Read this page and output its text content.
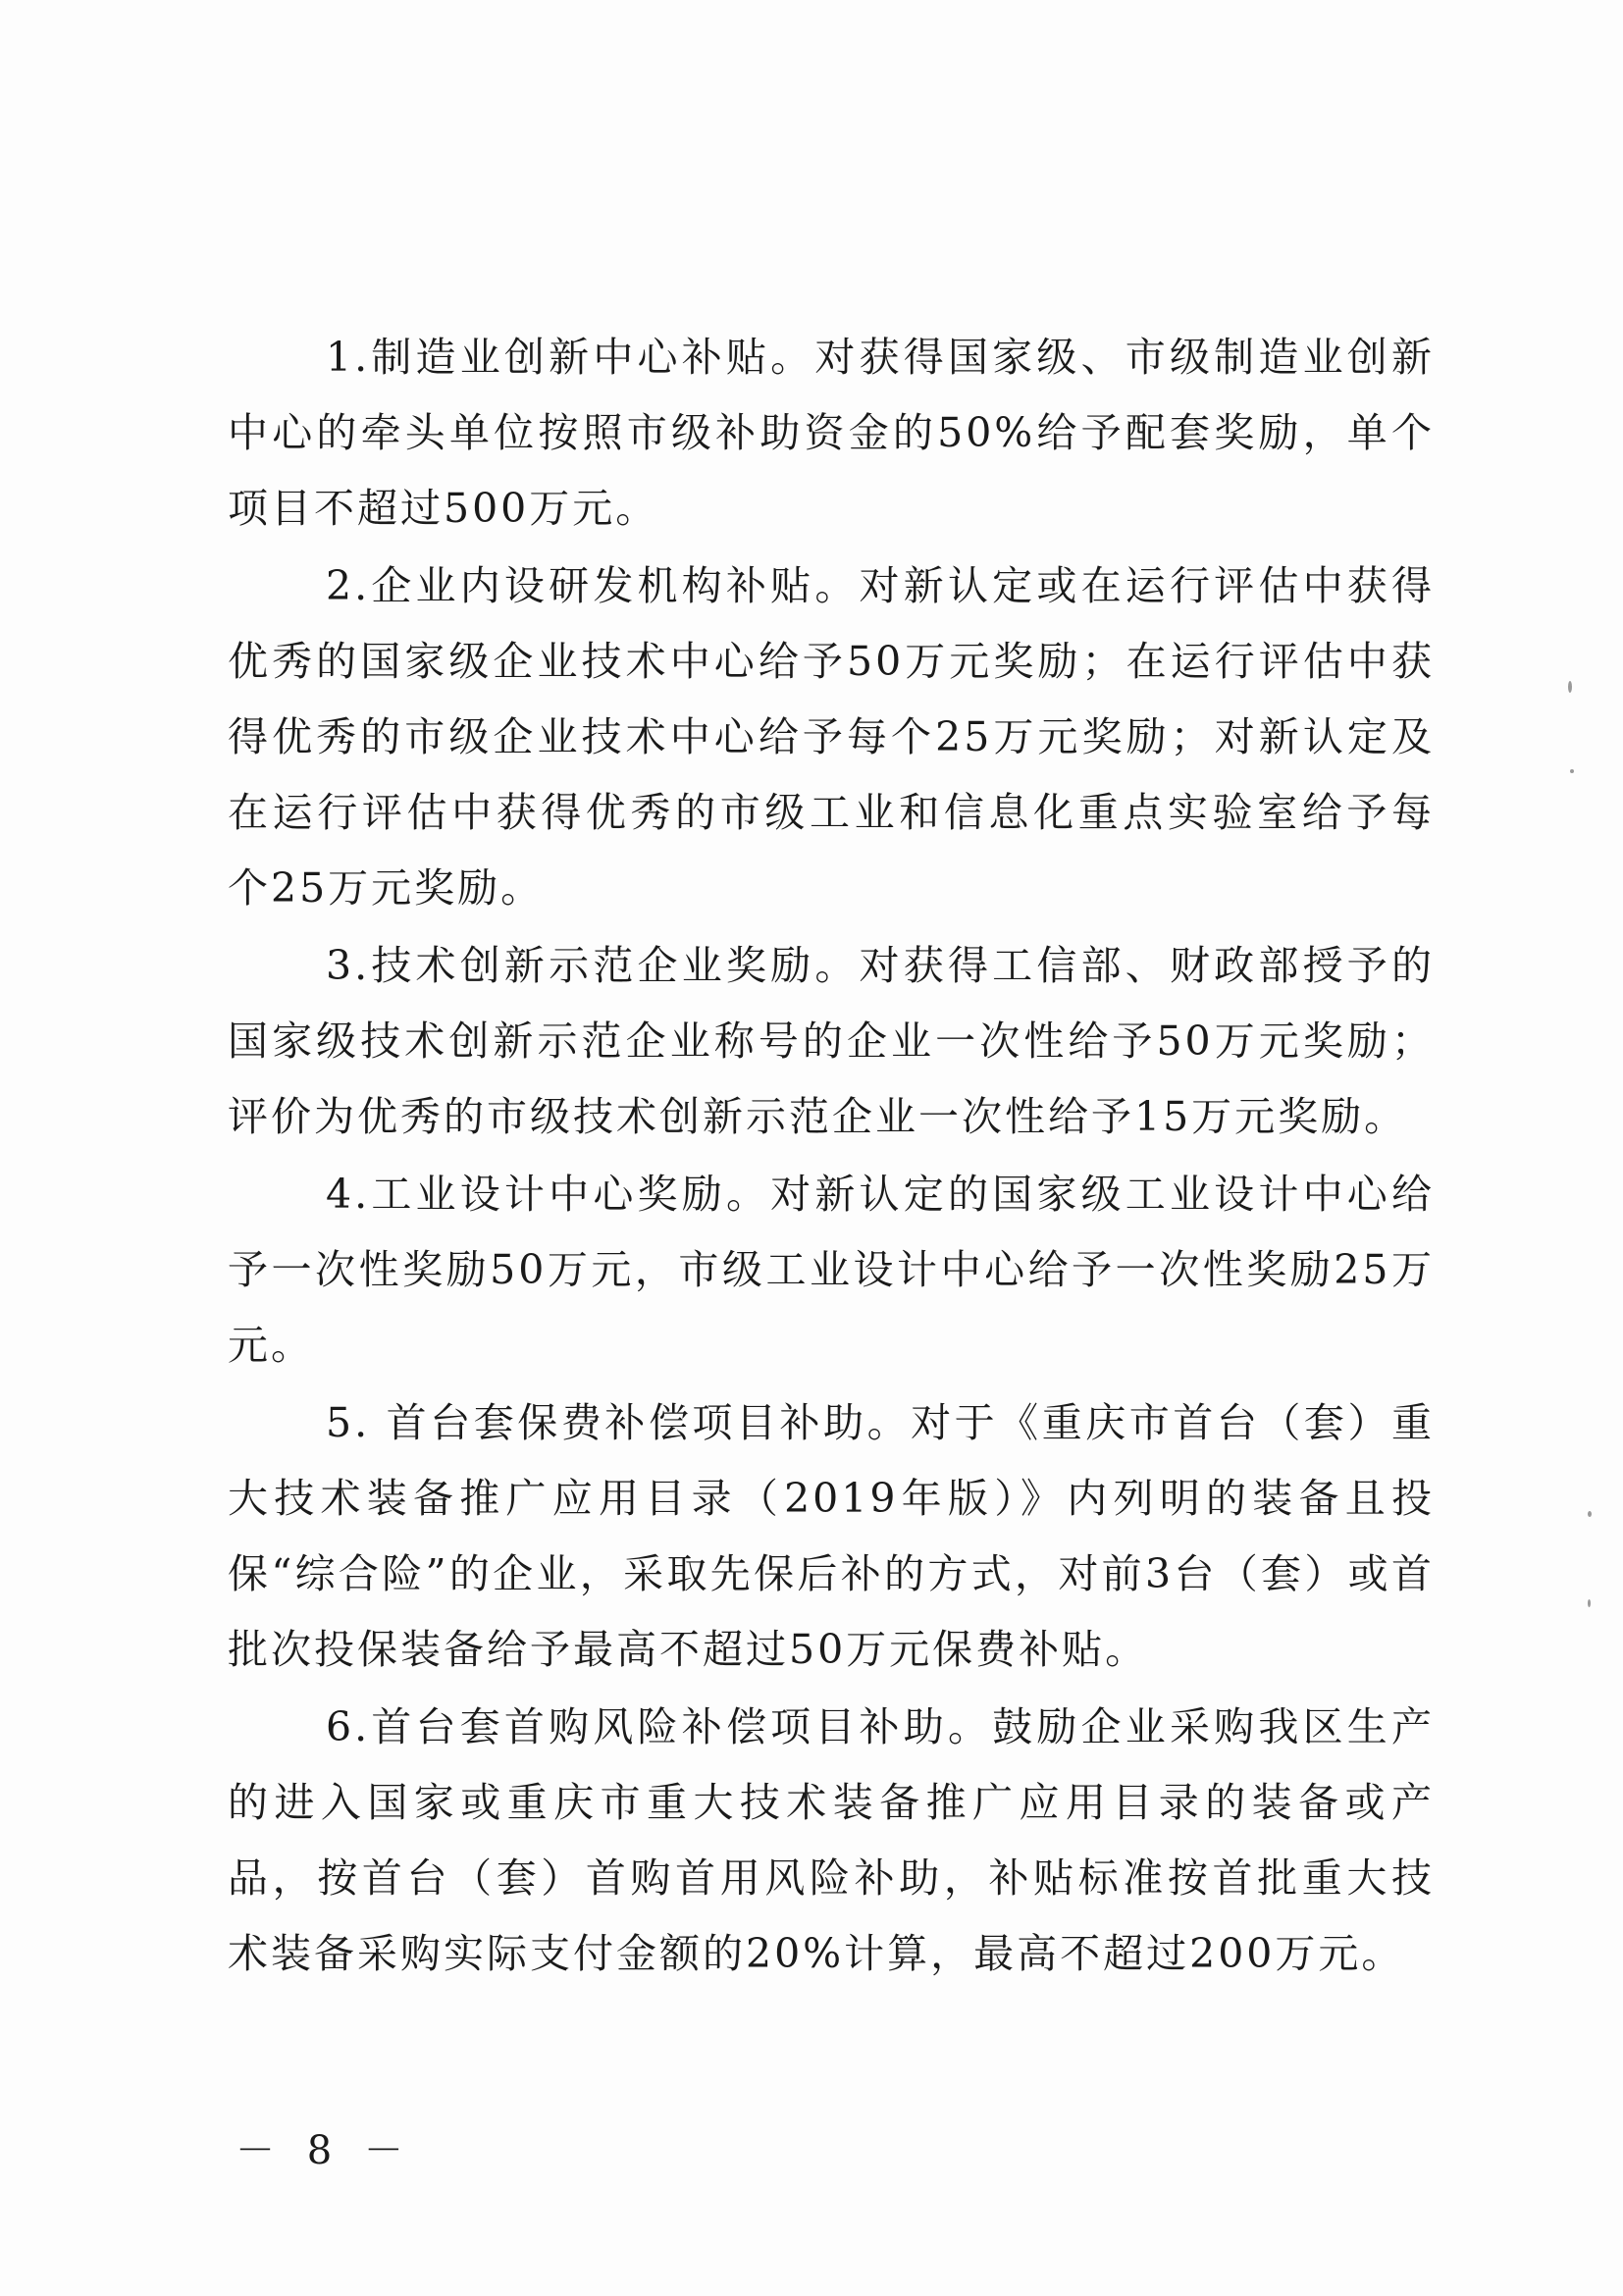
1.制造业创新中心补贴。对获得国家级、市级制造业创新中心的牵头单位按照市级补助资金的50%给予配套奖励，单个项目不超过500万元。

2.企业内设研发机构补贴。对新认定或在运行评估中获得优秀的国家级企业技术中心给予50万元奖励；在运行评估中获得优秀的市级企业技术中心给予每个25万元奖励；对新认定及在运行评估中获得优秀的市级工业和信息化重点实验室给予每个25万元奖励。

3.技术创新示范企业奖励。对获得工信部、财政部授予的国家级技术创新示范企业称号的企业一次性给予50万元奖励；评价为优秀的市级技术创新示范企业一次性给予15万元奖励。

4.工业设计中心奖励。对新认定的国家级工业设计中心给予一次性奖励50万元，市级工业设计中心给予一次性奖励25万元。

5. 首台套保费补偿项目补助。对于《重庆市首台（套）重大技术装备推广应用目录（2019年版）》内列明的装备且投保“综合险”的企业，采取先保后补的方式，对前3台（套）或首批次投保装备给予最高不超过50万元保费补贴。

6.首台套首购风险补偿项目补助。鼓励企业采购我区生产的进入国家或重庆市重大技术装备推广应用目录的装备或产品，按首台（套）首购首用风险补助，补贴标准按首批重大技术装备采购实际支付金额的20%计算，最高不超过200万元。

－ 8 －
